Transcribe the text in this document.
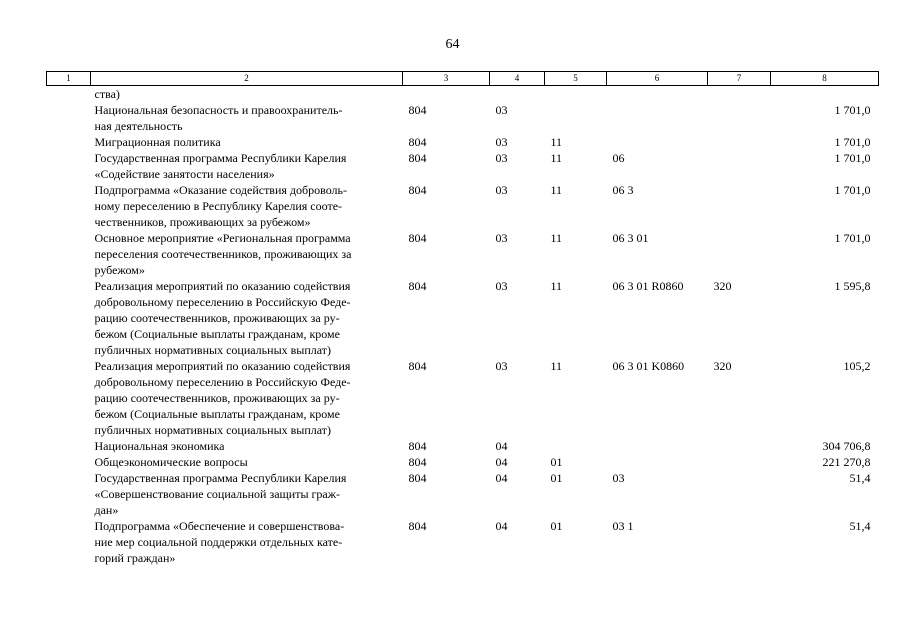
64
1	2	3	4	5	6	7	8
	ства)						
	Национальная безопасность и правоохранитель-
ная деятельность	804	03				1 701,0
	Миграционная политика	804	03	11			1 701,0
	Государственная программа Республики Карелия
«Содействие занятости населения»	804	03	11	06		1 701,0
	Подпрограмма «Оказание содействия доброволь-
ному переселению в Республику Карелия соотe-
чественников, проживающих за рубежом»	804	03	11	06 3		1 701,0
	Основное мероприятие «Региональная программа
переселения соотечественников, проживающих за
рубежом»	804	03	11	06 3 01		1 701,0
	Реализация мероприятий по оказанию содействия
добровольному переселению в Российскую Феде-
рацию соотечественников, проживающих за ру-
бежом (Социальные выплаты гражданам, кроме
публичных нормативных социальных выплат)	804	03	11	06 3 01 R0860	320	1 595,8
	Реализация мероприятий по оказанию содействия
добровольному переселению в Российскую Феде-
рацию соотечественников, проживающих за ру-
бежом (Социальные выплаты гражданам, кроме
публичных нормативных социальных выплат)	804	03	11	06 3 01 K0860	320	105,2
	Национальная экономика	804	04				304 706,8
	Общеэкономические вопросы	804	04	01			221 270,8
	Государственная программа Республики Карелия
«Совершенствование социальной защиты граж-
дан»	804	04	01	03		51,4
	Подпрограмма «Обеспечение и совершенствова-
ние мер социальной поддержки отдельных кате-
горий граждан»	804	04	01	03 1		51,4
